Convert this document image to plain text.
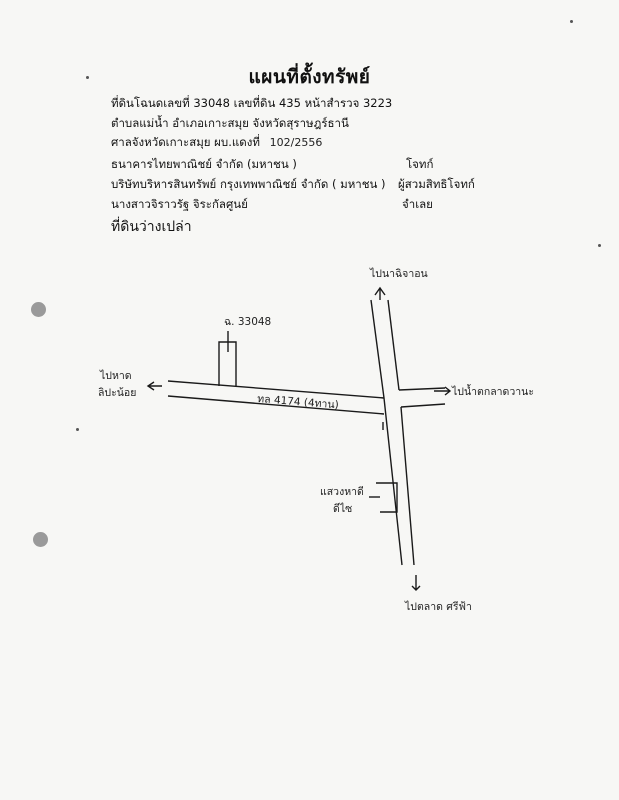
แผนที่ตั้งทรัพย์
ที่ดินโฉนดเลขที่ 33048 เลขที่ดิน 435 หน้าสำรวจ 3223
ตำบลแม่น้ำ อำเภอเกาะสมุย จังหวัดสุราษฎร์ธานี
ศาลจังหวัดเกาะสมุย ผบ.แดงที่ 102/2556
ธนาคารไทยพาณิชย์ จำกัด (มหาชน )	โจทก์
บริษัทบริหารสินทรัพย์ กรุงเทพพาณิชย์ จำกัด ( มหาชน ) ผู้สวมสิทธิโจทก์
นางสาวจิราวรัฐ จิระกัลศูนย์	จำเลย
ที่ดินว่างเปล่า
ไปนาฉิจาอน
ไปหาด
ลิปะน้อย	ไปน้ำตกลาดวานะ
ไปตลาด ศรีฟ้า
ฉ. 33048
ทล 4174 (4ทาน)
แสวงหาดี
ดีไซ
